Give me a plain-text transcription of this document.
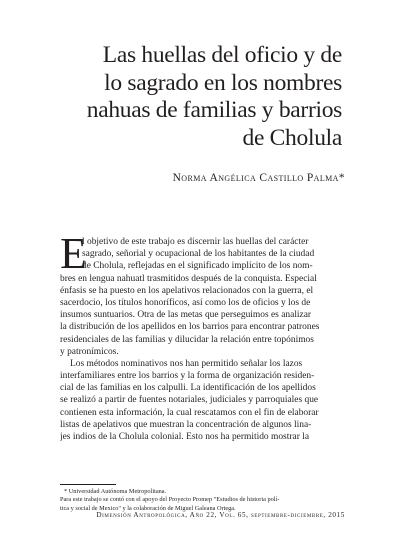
Las huellas del oficio y de
lo sagrado en los nombres
nahuas de familias y barrios
de Cholula
Norma Angélica Castillo Palma*
E
l objetivo de este trabajo es discernir las huellas del carácter
sagrado, señorial y ocupacional de los habitantes de la ciudad
de Cholula, reflejadas en el significado implícito de los nom-
bres en lengua nahuatl trasmitidos después de la conquista. Especial
énfasis se ha puesto en los apelativos relacionados con la guerra, el
sacerdocio, los títulos honoríficos, así como los de oficios y los de
insumos suntuarios. Otra de las metas que perseguimos es analizar
la distribución de los apellidos en los barrios para encontrar patrones
residenciales de las familias y dilucidar la relación entre topónimos
y patronímicos.
Los métodos nominativos nos han permitido señalar los lazos
interfamiliares entre los barrios y la forma de organización residen-
cial de las familias en los calpulli. La identificación de los apellidos
se realizó a partir de fuentes notariales, judiciales y parroquiales que
contienen esta información, la cual rescatamos con el fin de elaborar
listas de apelativos que muestran la concentración de algunos lina-
jes indios de la Cholula colonial. Esto nos ha permitido mostrar la
* Universidad Autónoma Metropolitana.
Para este trabajo se contó con el apoyo del Proyecto Promep "Estudios de historia polí-
tica y social de Mexico" y la colaboración de Miguel Galeana Ortega.
Dimensión Antropológica, Año 22, Vol. 65, septiembre-diciembre, 2015
